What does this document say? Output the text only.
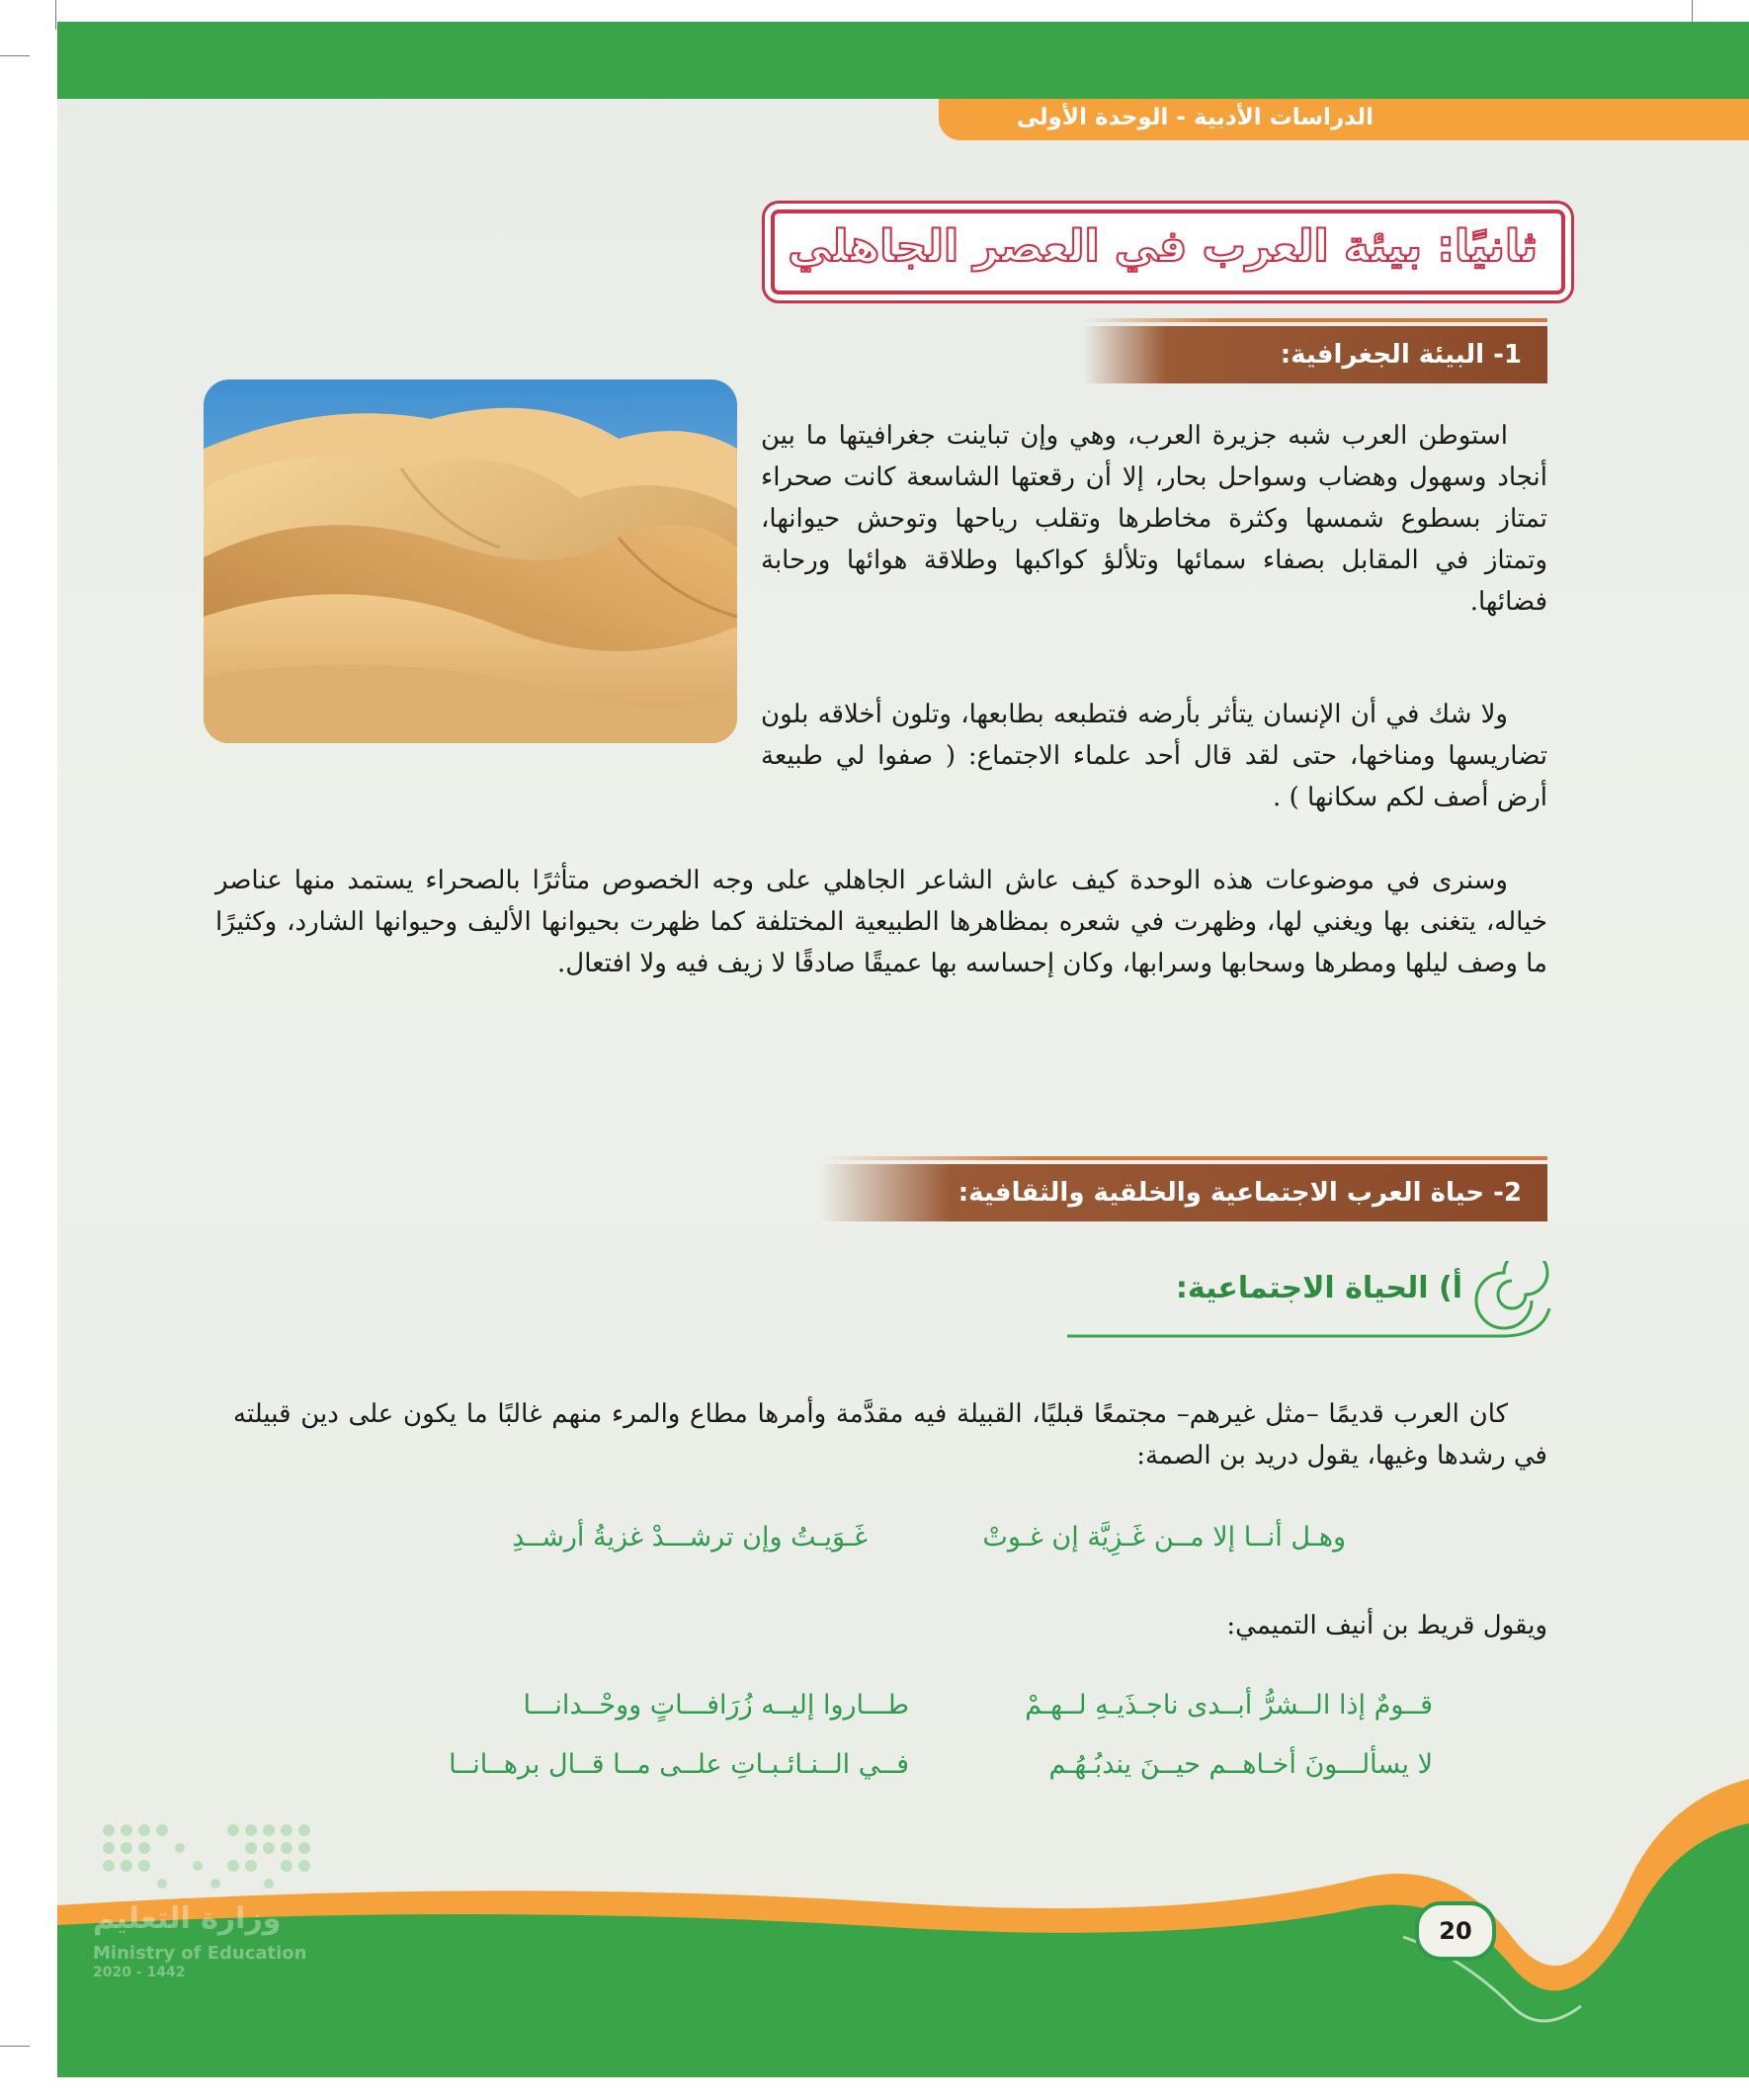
الدراسات الأدبية - الوحدة الأولى
ثانيًا: بيئة العرب في العصر الجاهلي
1- البيئة الجغرافية:
استوطن العرب شبه جزيرة العرب، وهي وإن تباينت جغرافيتها ما بين أنجاد وسهول وهضاب وسواحل بحار، إلا أن رقعتها الشاسعة كانت صحراء تمتاز بسطوع شمسها وكثرة مخاطرها وتقلب رياحها وتوحش حيوانها، وتمتاز في المقابل بصفاء سمائها وتلألؤ كواكبها وطلاقة هوائها ورحابة فضائها.
ولا شك في أن الإنسان يتأثر بأرضه فتطبعه بطابعها، وتلون أخلاقه بلون تضاريسها ومناخها، حتى لقد قال أحد علماء الاجتماع: ( صفوا لي طبيعة أرض أصف لكم سكانها ) .
وسنرى في موضوعات هذه الوحدة كيف عاش الشاعر الجاهلي على وجه الخصوص متأثرًا بالصحراء يستمد منها عناصر خياله، يتغنى بها ويغني لها، وظهرت في شعره بمظاهرها الطبيعية المختلفة كما ظهرت بحيوانها الأليف وحيوانها الشارد، وكثيرًا ما وصف ليلها ومطرها وسحابها وسرابها، وكان إحساسه بها عميقًا صادقًا لا زيف فيه ولا افتعال.
2- حياة العرب الاجتماعية والخلقية والثقافية:
أ) الحياة الاجتماعية:
كان العرب قديمًا –مثل غيرهم– مجتمعًا قبليًا، القبيلة فيه مقدَّمة وأمرها مطاع والمرء منهم غالبًا ما يكون على دين قبيلته في رشدها وغيها، يقول دريد بن الصمة:
وهـل أنــا إلا مــن غَـزِيَّة إن غـوتْ
غَـوَيـتُ وإن ترشـــدْ غزيةُ أرشــدِ
ويقول قريط بن أنيف التميمي:
قــومٌ إذا الــشرُّ أبــدى ناجـذَيـهِ لــهـمْ
طـــاروا إليــه زُرَافـــاتٍ ووحْــدانـــا
لا يسألـــونَ أخـاهــم حيــنَ يندبُـهُـم
فــي الــنـائـبـاتِ علــى مــا قــال برهــانــا
وزارة التعليم
Ministry of Education
2020 - 1442
20
